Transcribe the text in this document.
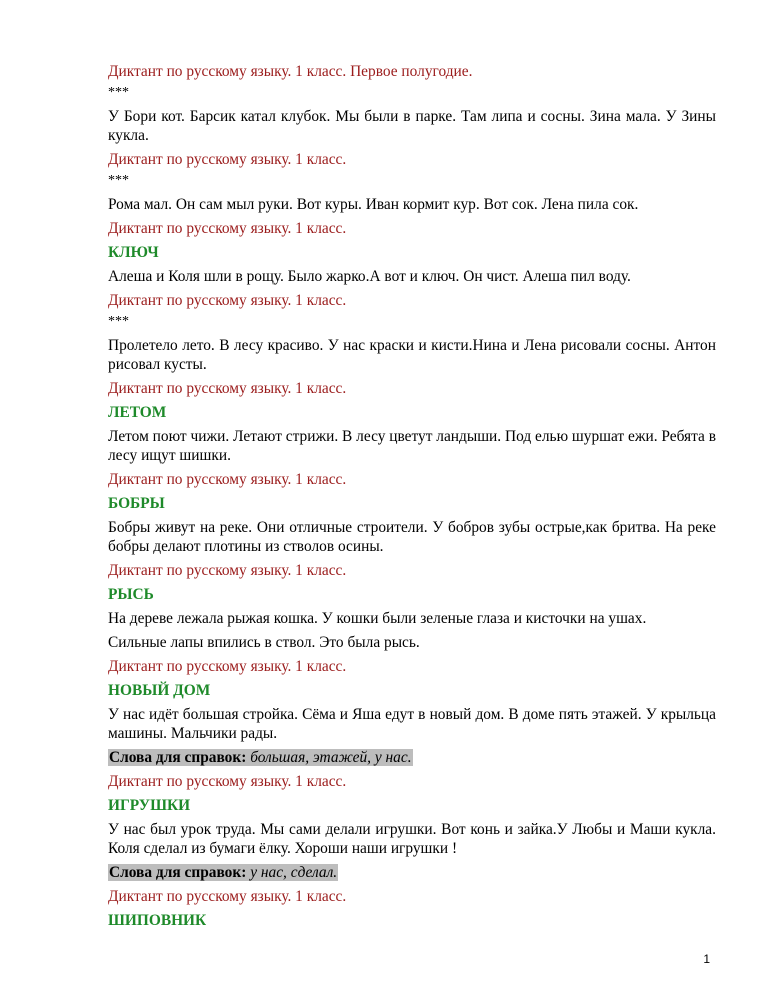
Диктант по русскому языку. 1 класс. Первое полугодие.
***
У Бори кот. Барсик катал клубок. Мы были в парке. Там липа и сосны. Зина мала. У Зины кукла.
Диктант по русскому языку. 1 класс.
***
Рома мал. Он сам мыл руки. Вот куры. Иван кормит кур. Вот сок. Лена пила сок.
Диктант по русскому языку. 1 класс.
КЛЮЧ
Алеша и Коля шли в рощу. Было жарко.А вот и ключ. Он чист. Алеша пил воду.
Диктант по русскому языку. 1 класс.
***
Пролетело лето. В лесу красиво. У нас краски и кисти.Нина и Лена рисовали сосны. Антон рисовал кусты.
Диктант по русскому языку. 1 класс.
ЛЕТОМ
Летом поют чижи. Летают стрижи. В лесу цветут ландыши. Под елью шуршат ежи. Ребята в лесу ищут шишки.
Диктант по русскому языку. 1 класс.
БОБРЫ
Бобры живут на реке. Они отличные строители. У бобров зубы острые,как бритва. На реке бобры делают плотины из стволов осины.
Диктант по русскому языку. 1 класс.
РЫСЬ
На дереве лежала рыжая кошка. У кошки были зеленые глаза и кисточки на ушах.
Сильные лапы впились в ствол. Это была рысь.
Диктант по русскому языку. 1 класс.
НОВЫЙ ДОМ
У нас идёт большая стройка. Сёма и Яша едут в новый дом. В доме пять этажей. У крыльца машины. Мальчики рады.
Слова для справок: большая, этажей, у нас.
Диктант по русскому языку. 1 класс.
ИГРУШКИ
У нас был урок труда. Мы сами делали игрушки. Вот конь и зайка.У Любы и Маши кукла. Коля сделал из бумаги ёлку. Хороши наши игрушки !
Слова для справок: у нас, сделал.
Диктант по русскому языку. 1 класс.
ШИПОВНИК
1
